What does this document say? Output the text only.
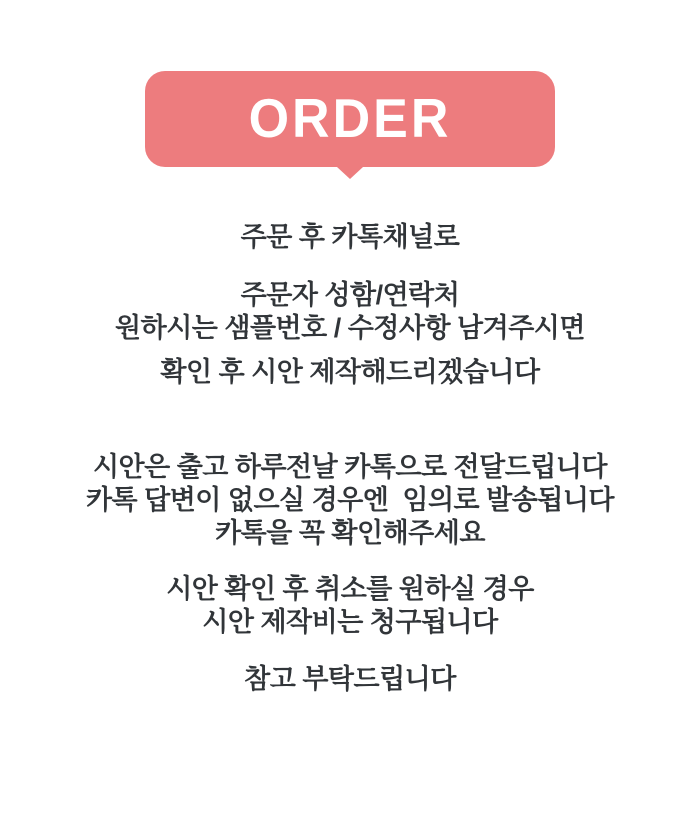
ORDER
주문 후 카톡채널로
주문자 성함/연락처
원하시는 샘플번호 / 수정사항 남겨주시면
확인 후 시안 제작해드리겠습니다
시안은 출고 하루전날 카톡으로 전달드립니다
카톡 답변이 없으실 경우엔  임의로 발송됩니다
카톡을 꼭 확인해주세요
시안 확인 후 취소를 원하실 경우
시안 제작비는 청구됩니다
참고 부탁드립니다
